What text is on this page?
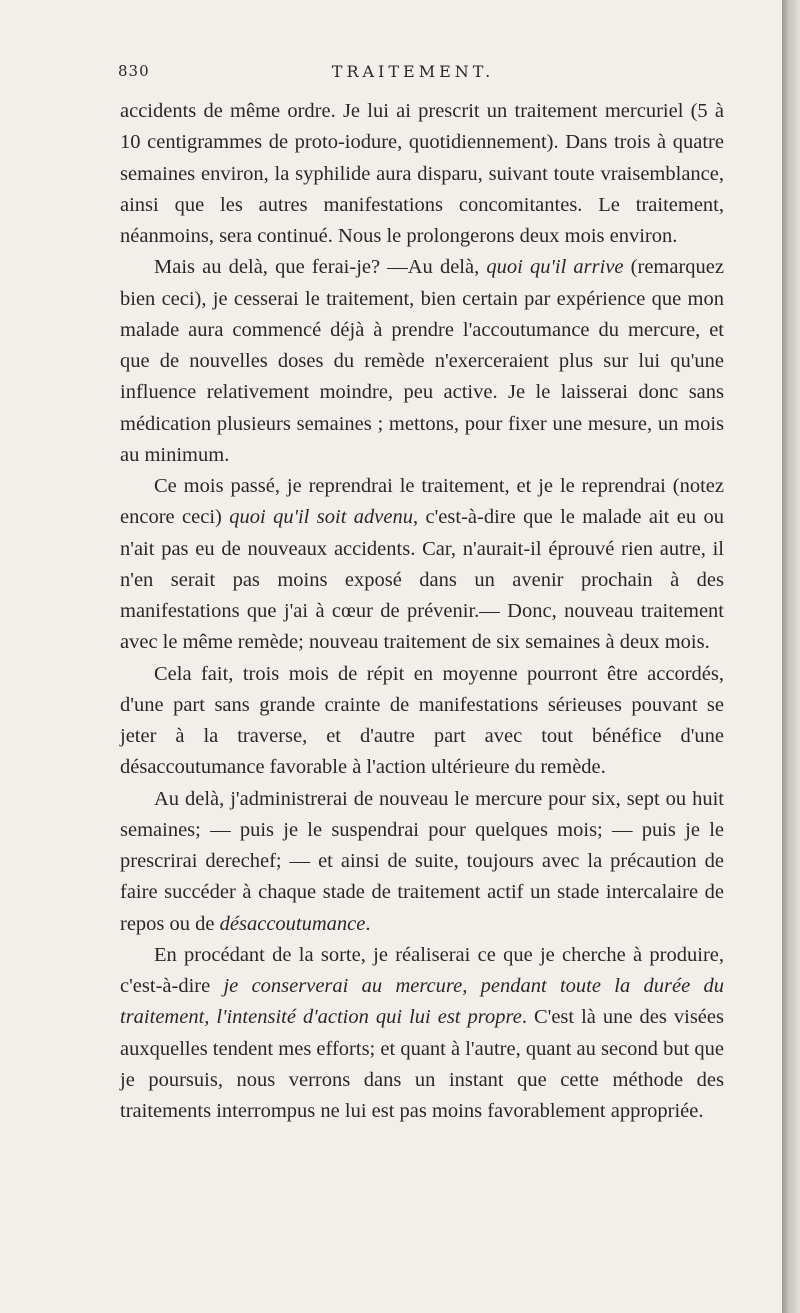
830	TRAITEMENT.

accidents de même ordre. Je lui ai prescrit un traitement mercuriel (5 à 10 centigrammes de proto-iodure, quotidiennement). Dans trois à quatre semaines environ, la syphilide aura disparu, suivant toute vraisemblance, ainsi que les autres manifestations concomitantes. Le traitement, néanmoins, sera continué. Nous le prolongerons deux mois environ.

Mais au delà, que ferai-je? —Au delà, quoi qu'il arrive (remarquez bien ceci), je cesserai le traitement, bien certain par expérience que mon malade aura commencé déjà à prendre l'accoutumance du mercure, et que de nouvelles doses du remède n'exerceraient plus sur lui qu'une influence relativement moindre, peu active. Je le laisserai donc sans médication plusieurs semaines ; mettons, pour fixer une mesure, un mois au minimum.

Ce mois passé, je reprendrai le traitement, et je le reprendrai (notez encore ceci) quoi qu'il soit advenu, c'est-à-dire que le malade ait eu ou n'ait pas eu de nouveaux accidents. Car, n'aurait-il éprouvé rien autre, il n'en serait pas moins exposé dans un avenir prochain à des manifestations que j'ai à cœur de prévenir.— Donc, nouveau traitement avec le même remède; nouveau traitement de six semaines à deux mois.

Cela fait, trois mois de répit en moyenne pourront être accordés, d'une part sans grande crainte de manifestations sérieuses pouvant se jeter à la traverse, et d'autre part avec tout bénéfice d'une désaccoutumance favorable à l'action ultérieure du remède.

Au delà, j'administrerai de nouveau le mercure pour six, sept ou huit semaines; — puis je le suspendrai pour quelques mois; — puis je le prescrirai derechef; — et ainsi de suite, toujours avec la précaution de faire succéder à chaque stade de traitement actif un stade intercalaire de repos ou de désaccoutumance.

En procédant de la sorte, je réaliserai ce que je cherche à produire, c'est-à-dire je conserverai au mercure, pendant toute la durée du traitement, l'intensité d'action qui lui est propre. C'est là une des visées auxquelles tendent mes efforts; et quant à l'autre, quant au second but que je poursuis, nous verrons dans un instant que cette méthode des traitements interrompus ne lui est pas moins favorablement appropriée.
